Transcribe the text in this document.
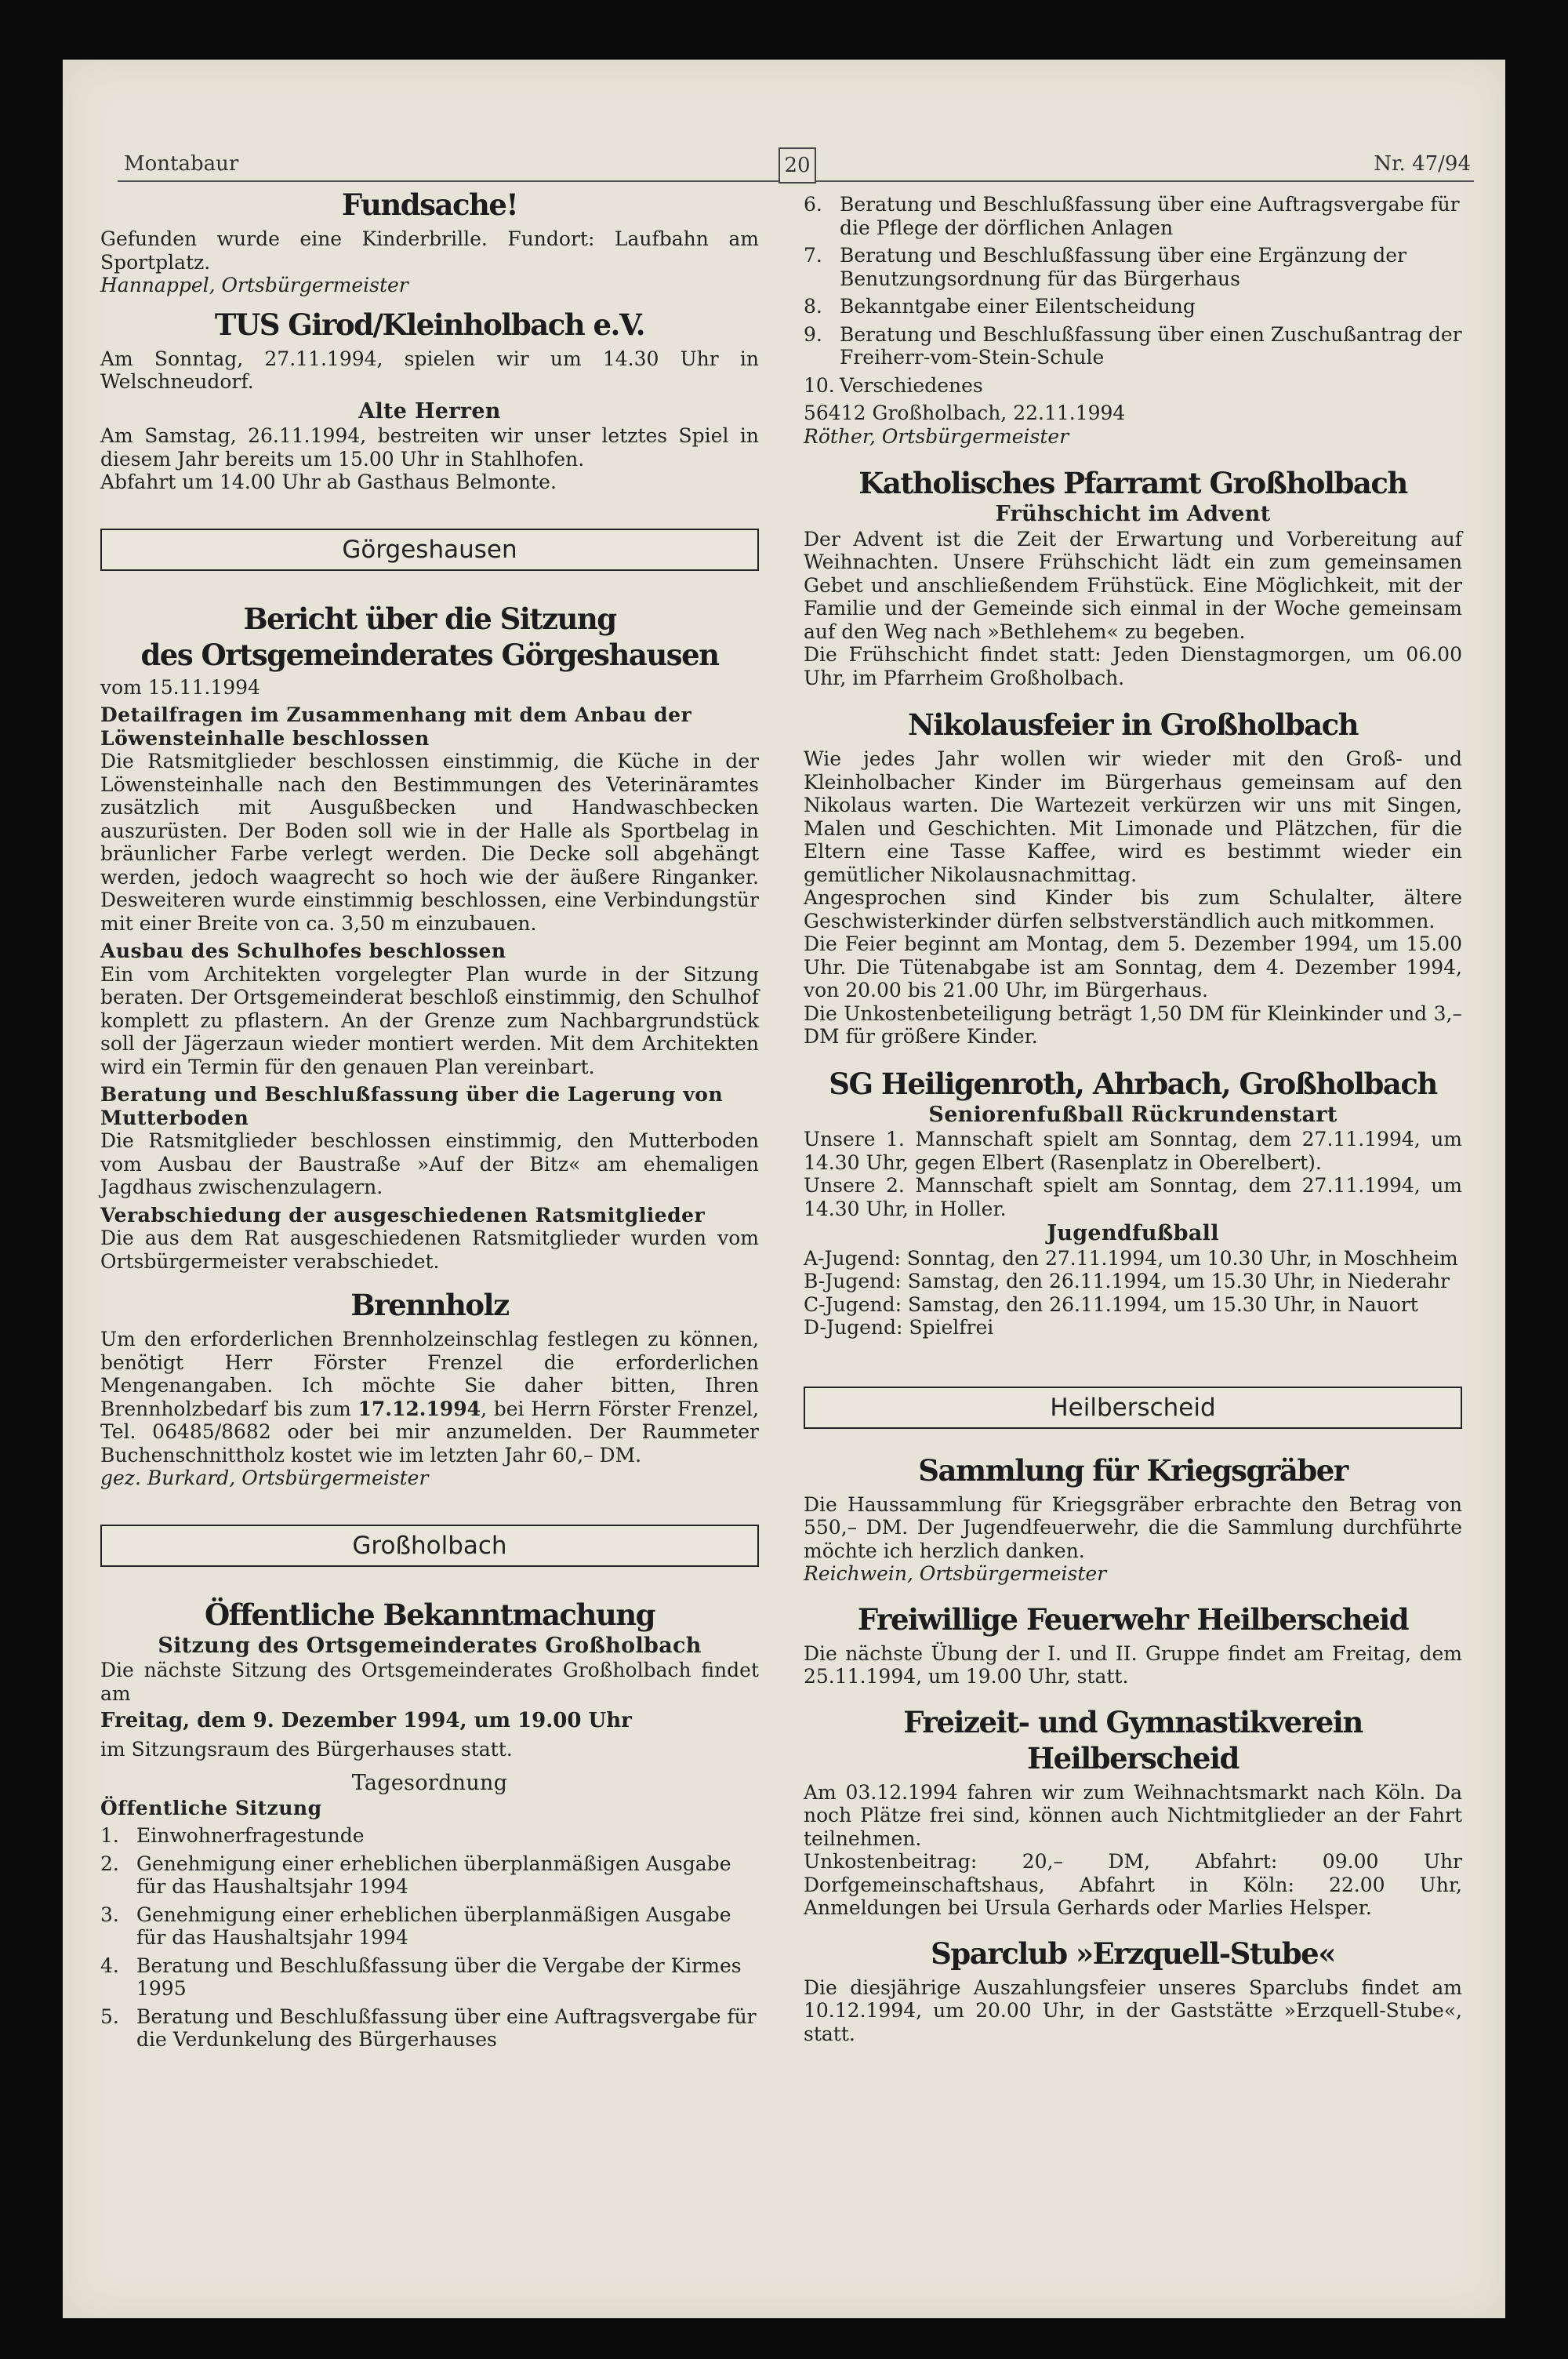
Montabaur	20	Nr. 47/94
Fundsache!

Gefunden wurde eine Kinderbrille. Fundort: Laufbahn am Sportplatz.

Hannappel, Ortsbürgermeister

TUS Girod/Kleinholbach e.V.

Am Sonntag, 27.11.1994, spielen wir um 14.30 Uhr in Welschneudorf.

Alte Herren

Am Samstag, 26.11.1994, bestreiten wir unser letztes Spiel in diesem Jahr bereits um 15.00 Uhr in Stahlhofen.

Abfahrt um 14.00 Uhr ab Gasthaus Belmonte.

Görgeshausen
Bericht über die Sitzung
des Ortsgemeinderates Görgeshausen

vom 15.11.1994

Detailfragen im Zusammenhang mit dem Anbau der Löwensteinhalle beschlossen

Die Ratsmitglieder beschlossen einstimmig, die Küche in der Löwensteinhalle nach den Bestimmungen des Veterinäramtes zusätzlich mit Ausgußbecken und Handwaschbecken auszurüsten. Der Boden soll wie in der Halle als Sportbelag in bräunlicher Farbe verlegt werden. Die Decke soll abgehängt werden, jedoch waagrecht so hoch wie der äußere Ringanker. Desweiteren wurde einstimmig beschlossen, eine Verbindungstür mit einer Breite von ca. 3,50 m einzubauen.

Ausbau des Schulhofes beschlossen

Ein vom Architekten vorgelegter Plan wurde in der Sitzung beraten. Der Ortsgemeinderat beschloß einstimmig, den Schulhof komplett zu pflastern. An der Grenze zum Nachbargrundstück soll der Jägerzaun wieder montiert werden. Mit dem Architekten wird ein Termin für den genauen Plan vereinbart.

Beratung und Beschlußfassung über die Lagerung von Mutterboden

Die Ratsmitglieder beschlossen einstimmig, den Mutterboden vom Ausbau der Baustraße »Auf der Bitz« am ehemaligen Jagdhaus zwischenzulagern.

Verabschiedung der ausgeschiedenen Ratsmitglieder

Die aus dem Rat ausgeschiedenen Ratsmitglieder wurden vom Ortsbürgermeister verabschiedet.

Brennholz

Um den erforderlichen Brennholzeinschlag festlegen zu können, benötigt Herr Förster Frenzel die erforderlichen Mengenangaben. Ich möchte Sie daher bitten, Ihren Brennholzbedarf bis zum 17.12.1994, bei Herrn Förster Frenzel, Tel. 06485/8682 oder bei mir anzumelden. Der Raummeter Buchenschnittholz kostet wie im letzten Jahr 60,– DM.

gez. Burkard, Ortsbürgermeister

Großholbach
Öffentliche Bekanntmachung
Sitzung des Ortsgemeinderates Großholbach

Die nächste Sitzung des Ortsgemeinderates Großholbach findet am

Freitag, dem 9. Dezember 1994, um 19.00 Uhr

im Sitzungsraum des Bürgerhauses statt.

Tagesordnung
Öffentliche Sitzung
1. Einwohnerfragestunde
2. Genehmigung einer erheblichen überplanmäßigen Ausgabe für das Haushaltsjahr 1994
3. Genehmigung einer erheblichen überplanmäßigen Ausgabe für das Haushaltsjahr 1994
4. Beratung und Beschlußfassung über die Vergabe der Kirmes 1995
5. Beratung und Beschlußfassung über eine Auftragsvergabe für die Verdunkelung des Bürgerhauses
6. Beratung und Beschlußfassung über eine Auftragsvergabe für die Pflege der dörflichen Anlagen
7. Beratung und Beschlußfassung über eine Ergänzung der Benutzungsordnung für das Bürgerhaus
8. Bekanntgabe einer Eilentscheidung
9. Beratung und Beschlußfassung über einen Zuschußantrag der Freiherr-vom-Stein-Schule
10. Verschiedenes

56412 Großholbach, 22.11.1994

Röther, Ortsbürgermeister

Katholisches Pfarramt Großholbach
Frühschicht im Advent

Der Advent ist die Zeit der Erwartung und Vorbereitung auf Weihnachten. Unsere Frühschicht lädt ein zum gemeinsamen Gebet und anschließendem Frühstück. Eine Möglichkeit, mit der Familie und der Gemeinde sich einmal in der Woche gemeinsam auf den Weg nach »Bethlehem« zu begeben.

Die Frühschicht findet statt: Jeden Dienstagmorgen, um 06.00 Uhr, im Pfarrheim Großholbach.

Nikolausfeier in Großholbach

Wie jedes Jahr wollen wir wieder mit den Groß- und Kleinholbacher Kinder im Bürgerhaus gemeinsam auf den Nikolaus warten. Die Wartezeit verkürzen wir uns mit Singen, Malen und Geschichten. Mit Limonade und Plätzchen, für die Eltern eine Tasse Kaffee, wird es bestimmt wieder ein gemütlicher Nikolausnachmittag.

Angesprochen sind Kinder bis zum Schulalter, ältere Geschwisterkinder dürfen selbstverständlich auch mitkommen.

Die Feier beginnt am Montag, dem 5. Dezember 1994, um 15.00 Uhr. Die Tütenabgabe ist am Sonntag, dem 4. Dezember 1994, von 20.00 bis 21.00 Uhr, im Bürgerhaus.

Die Unkostenbeteiligung beträgt 1,50 DM für Kleinkinder und 3,– DM für größere Kinder.

SG Heiligenroth, Ahrbach, Großholbach
Seniorenfußball Rückrundenstart

Unsere 1. Mannschaft spielt am Sonntag, dem 27.11.1994, um 14.30 Uhr, gegen Elbert (Rasenplatz in Oberelbert).

Unsere 2. Mannschaft spielt am Sonntag, dem 27.11.1994, um 14.30 Uhr, in Holler.

Jugendfußball

A-Jugend: Sonntag, den 27.11.1994, um 10.30 Uhr, in Moschheim

B-Jugend: Samstag, den 26.11.1994, um 15.30 Uhr, in Niederahr

C-Jugend: Samstag, den 26.11.1994, um 15.30 Uhr, in Nauort

D-Jugend: Spielfrei

Heilberscheid
Sammlung für Kriegsgräber

Die Haussammlung für Kriegsgräber erbrachte den Betrag von 550,– DM. Der Jugendfeuerwehr, die die Sammlung durchführte möchte ich herzlich danken.

Reichwein, Ortsbürgermeister

Freiwillige Feuerwehr Heilberscheid

Die nächste Übung der I. und II. Gruppe findet am Freitag, dem 25.11.1994, um 19.00 Uhr, statt.

Freizeit- und Gymnastikverein Heilberscheid

Am 03.12.1994 fahren wir zum Weihnachtsmarkt nach Köln. Da noch Plätze frei sind, können auch Nichtmitglieder an der Fahrt teilnehmen.

Unkostenbeitrag: 20,– DM, Abfahrt: 09.00 Uhr Dorfgemeinschaftshaus, Abfahrt in Köln: 22.00 Uhr, Anmeldungen bei Ursula Gerhards oder Marlies Helsper.

Sparclub »Erzquell-Stube«

Die diesjährige Auszahlungsfeier unseres Sparclubs findet am 10.12.1994, um 20.00 Uhr, in der Gaststätte »Erzquell-Stube«, statt.
